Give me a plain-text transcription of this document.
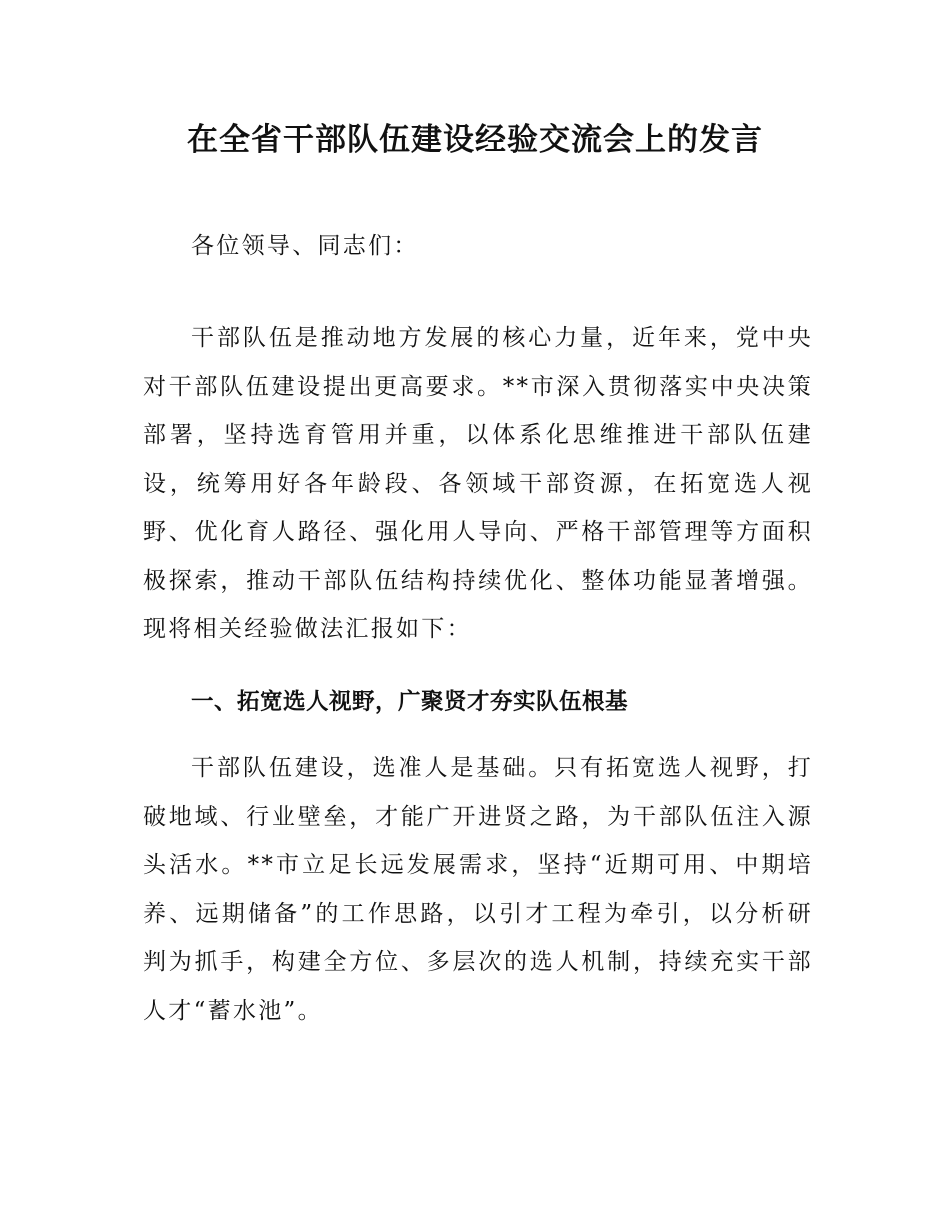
在全省干部队伍建设经验交流会上的发言

各位领导、同志们：

干部队伍是推动地方发展的核心力量，近年来，党中央对干部队伍建设提出更高要求。**市深入贯彻落实中央决策部署，坚持选育管用并重，以体系化思维推进干部队伍建设，统筹用好各年龄段、各领域干部资源，在拓宽选人视野、优化育人路径、强化用人导向、严格干部管理等方面积极探索，推动干部队伍结构持续优化、整体功能显著增强。现将相关经验做法汇报如下：

一、拓宽选人视野，广聚贤才夯实队伍根基

干部队伍建设，选准人是基础。只有拓宽选人视野，打破地域、行业壁垒，才能广开进贤之路，为干部队伍注入源头活水。**市立足长远发展需求，坚持“近期可用、中期培养、远期储备”的工作思路，以引才工程为牵引，以分析研判为抓手，构建全方位、多层次的选人机制，持续充实干部人才“蓄水池”。
